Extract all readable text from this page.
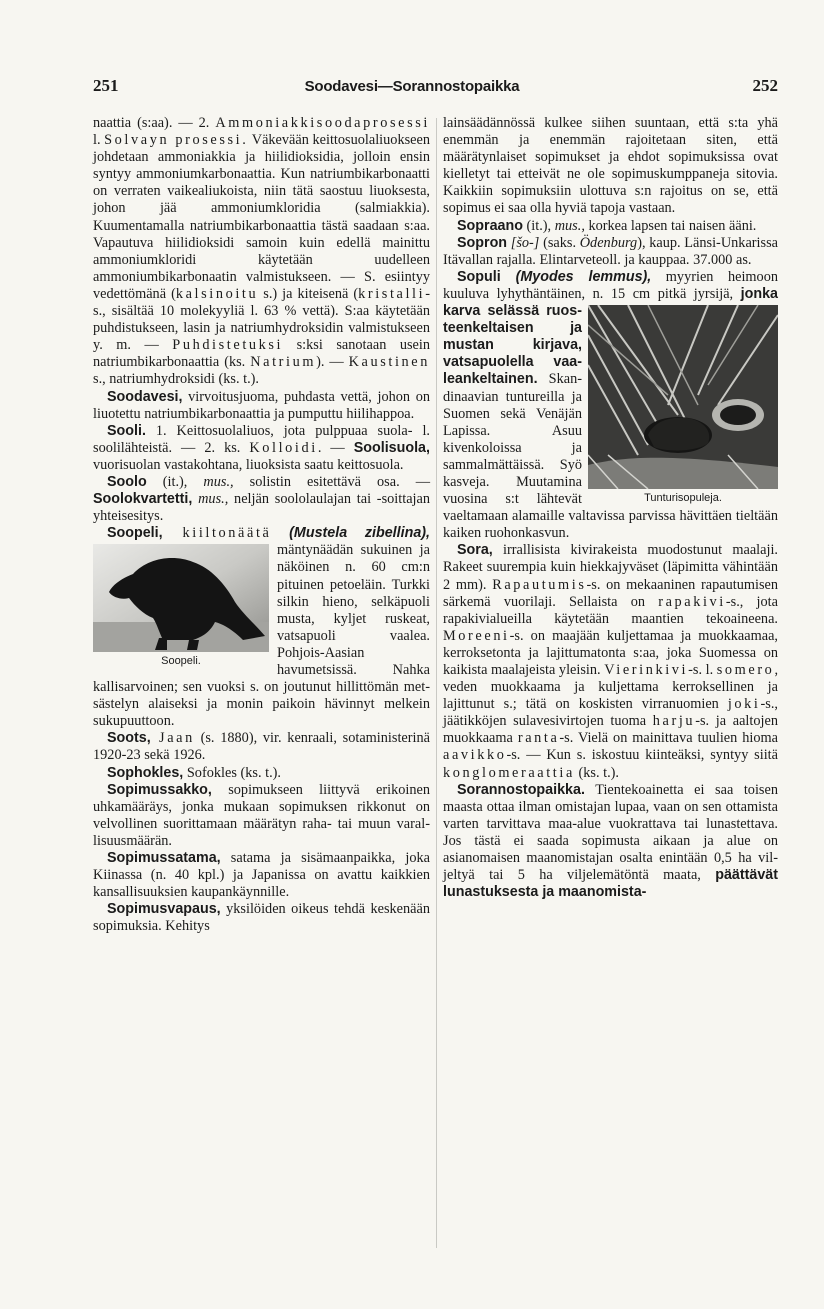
251	Soodavesi—Sorannostopaikka	252

naattia (s:aa). — 2. Ammoniakkisoodaprosessi l. Solvayn prosessi. Väkevään keittosuolaliuokseen johdetaan ammoniakkia ja hiilidioksidia, jolloin ensin syntyy ammoniumkarbonaattia. Kun natriumbikarbonaatti on verraten vaikealiukoista, niin tätä saostuu liuoksesta, johon jää ammoniumkloridia (salmiakkia). Kuumentamalla natriumbikarbonaattia tästä saadaan s:aa. Vapautuva hiilidioksidi samoin kuin edellä mainittu ammoniumkloridi käytetään uudelleen ammoniumbikarbonaatin valmistukseen. — S. esiintyy vedettömänä (kalsinoitu s.) ja kiteisenä (kristalli-s., sisältää 10 molekyyliä l. 63 % vettä). S:aa käytetään puhdistukseen, lasin ja natriumhydroksidin valmistukseen y. m. — Puhdistetuksi s:ksi sanotaan usein natriumbikarbonaattia (ks. Natrium). — Kaustinen s., natriumhydroksidi (ks. t.).

Soodavesi, virvoitusjuoma, puhdasta vettä, johon on liuotettu natriumbikarbonaattia ja pumputtu hiilihappoa.

Sooli. 1. Keittosuolaliuos, jota pulppuaa suola- l. soolilähteistä. — 2. ks. Kolloidi. — Soolisuola, vuorisuolan vastakohtana, liuoksista saatu keittosuola.

Soolo (it.), mus., solistin esitettävä osa. — Soolokvartetti, mus., neljän soololaulajan tai -soittajan yhteisesitys.

Soopeli, kiiltonäätä (Mustela zibellina),
Soopeli.
mäntynäädän sukuinen ja näköinen n. 60 cm:n pituinen petoeläin. Turkki silkin hieno, selkäpuoli musta, kyljet ruskeat, vatsapuoli vaalea. Pohjois-Aasian havumetsissä. Nahka kallisarvoinen; sen vuoksi s. on joutunut hillittömän metsästelyn alaiseksi ja monin paikoin hävinnyt melkein sukupuuttoon.

Soots, Jaan (s. 1880), vir. kenraali, sotaministerinä 1920-23 sekä 1926.

Sophokles, Sofokles (ks. t.).

Sopimussakko, sopimukseen liittyvä erikoinen uhkamääräys, jonka mukaan sopimuksen rikkonut on velvollinen suorittamaan määrätyn raha- tai muun varallisuusmäärän.

Sopimussatama, satama ja sisämaanpaikka, joka Kiinassa (n. 40 kpl.) ja Japanissa on avattu kaikkien kansallisuuksien kaupankäynnille.

Sopimusvapaus, yksilöiden oikeus tehdä keskenään sopimuksia. Kehitys

lainsäädännössä kulkee siihen suuntaan, että s:ta yhä enemmän ja enemmän rajoitetaan siten, että määrätynlaiset sopimukset ja ehdot sopimuksissa ovat kielletyt tai etteivät ne ole sopimuskumppaneja sitovia. Kaikkiin sopimuksiin ulottuva s:n rajoitus on se, että sopimus ei saa olla hyviä tapoja vastaan.

Sopraano (it.), mus., korkea lapsen tai naisen ääni.

Sopron [šo-] (saks. Ödenburg), kaup. Länsi-Unkarissa Itävallan rajalla. Elintarveteoll. ja kauppaa. 37.000 as.

Sopuli (Myodes lemmus), myyrien heimoon kuuluva lyhythäntäinen, n. 15 cm pitkä jyrsijä,
Tunturisopuleja.
jonka karva selässä ruosteenkeltaisen ja mustan kirjava, vatsapuolella vaaleankeltainen. Skandinaavian tuntureilla ja Suomen sekä Venäjän Lapissa. Asuu kivenkoloissa ja sammalmättäissä. Syö kasveja. Muutamina vuosina s:t lähtevät vaeltamaan alamaille valtavissa parvissa hävittäen tieltään kaiken ruohonkasvun.

Sora, irrallisista kivirakeista muodostunut maalaji. Rakeet suurempia kuin hiekkajyväset (läpimitta vähintään 2 mm). Rapautumis-s. on mekaaninen rapautumisen särkemä vuorilaji. Sellaista on rapakivi-s., jota rapakivialueilla käytetään maantien tekoaineena. Moreeni-s. on maajään kuljettamaa ja muokkaamaa, kerroksetonta ja lajittumatonta s:aa, joka Suomessa on kaikista maalajeista yleisin. Vierinkivi-s. l. somero, veden muokkaama ja kuljettama kerroksellinen ja lajittunut s.; tätä on koskisten virranuomien joki-s., jäätikköjen sulavesivirtojen tuoma harju-s. ja aaltojen muokkaama ranta-s. Vielä on mainittava tuulien hioma aavikko-s. — Kun s. iskostuu kiinteäksi, syntyy siitä konglomeraattia (ks. t.).

Sorannostopaikka. Tientekoainetta ei saa toisen maasta ottaa ilman omistajan lupaa, vaan on sen ottamista varten tarvittava maa-alue vuokrattava tai lunastettava. Jos tästä ei saada sopimusta aikaan ja alue on asianomaisen maanomistajan osalta enintään 0,5 ha viljeltyä tai 5 ha viljelemätöntä maata, päättävät lunastuksesta ja maanomista-
